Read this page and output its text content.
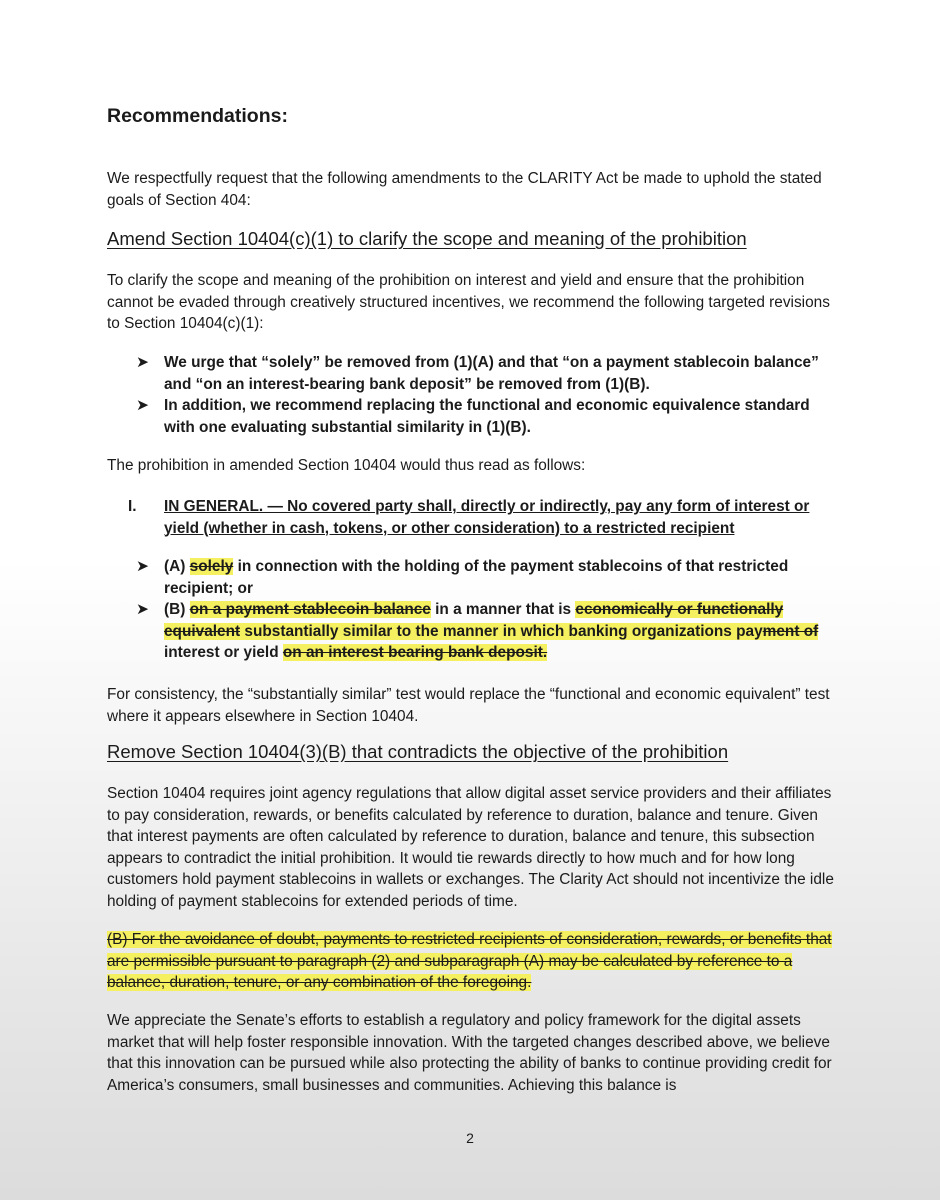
Recommendations:

We respectfully request that the following amendments to the CLARITY Act be made to uphold the stated goals of Section 404:

Amend Section 10404(c)(1) to clarify the scope and meaning of the prohibition

To clarify the scope and meaning of the prohibition on interest and yield and ensure that the prohibition cannot be evaded through creatively structured incentives, we recommend the following targeted revisions to Section 10404(c)(1):

➤ We urge that “solely” be removed from (1)(A) and that “on a payment stablecoin balance” and “on an interest-bearing bank deposit” be removed from (1)(B).
➤ In addition, we recommend replacing the functional and economic equivalence standard with one evaluating substantial similarity in (1)(B).

The prohibition in amended Section 10404 would thus read as follows:

I. IN GENERAL. — No covered party shall, directly or indirectly, pay any form of interest or yield (whether in cash, tokens, or other consideration) to a restricted recipient
➤ (A) solely in connection with the holding of the payment stablecoins of that restricted recipient; or
➤ (B) on a payment stablecoin balance in a manner that is economically or functionally equivalent substantially similar to the manner in which banking organizations payment of interest or yield on an interest bearing bank deposit.

For consistency, the “substantially similar” test would replace the “functional and economic equivalent” test where it appears elsewhere in Section 10404.

Remove Section 10404(3)(B) that contradicts the objective of the prohibition

Section 10404 requires joint agency regulations that allow digital asset service providers and their affiliates to pay consideration, rewards, or benefits calculated by reference to duration, balance and tenure. Given that interest payments are often calculated by reference to duration, balance and tenure, this subsection appears to contradict the initial prohibition. It would tie rewards directly to how much and for how long customers hold payment stablecoins in wallets or exchanges. The Clarity Act should not incentivize the idle holding of payment stablecoins for extended periods of time.

(B) For the avoidance of doubt, payments to restricted recipients of consideration, rewards, or benefits that are permissible pursuant to paragraph (2) and subparagraph (A) may be calculated by reference to a balance, duration, tenure, or any combination of the foregoing.

We appreciate the Senate’s efforts to establish a regulatory and policy framework for the digital assets market that will help foster responsible innovation. With the targeted changes described above, we believe that this innovation can be pursued while also protecting the ability of banks to continue providing credit for America’s consumers, small businesses and communities. Achieving this balance is

2
